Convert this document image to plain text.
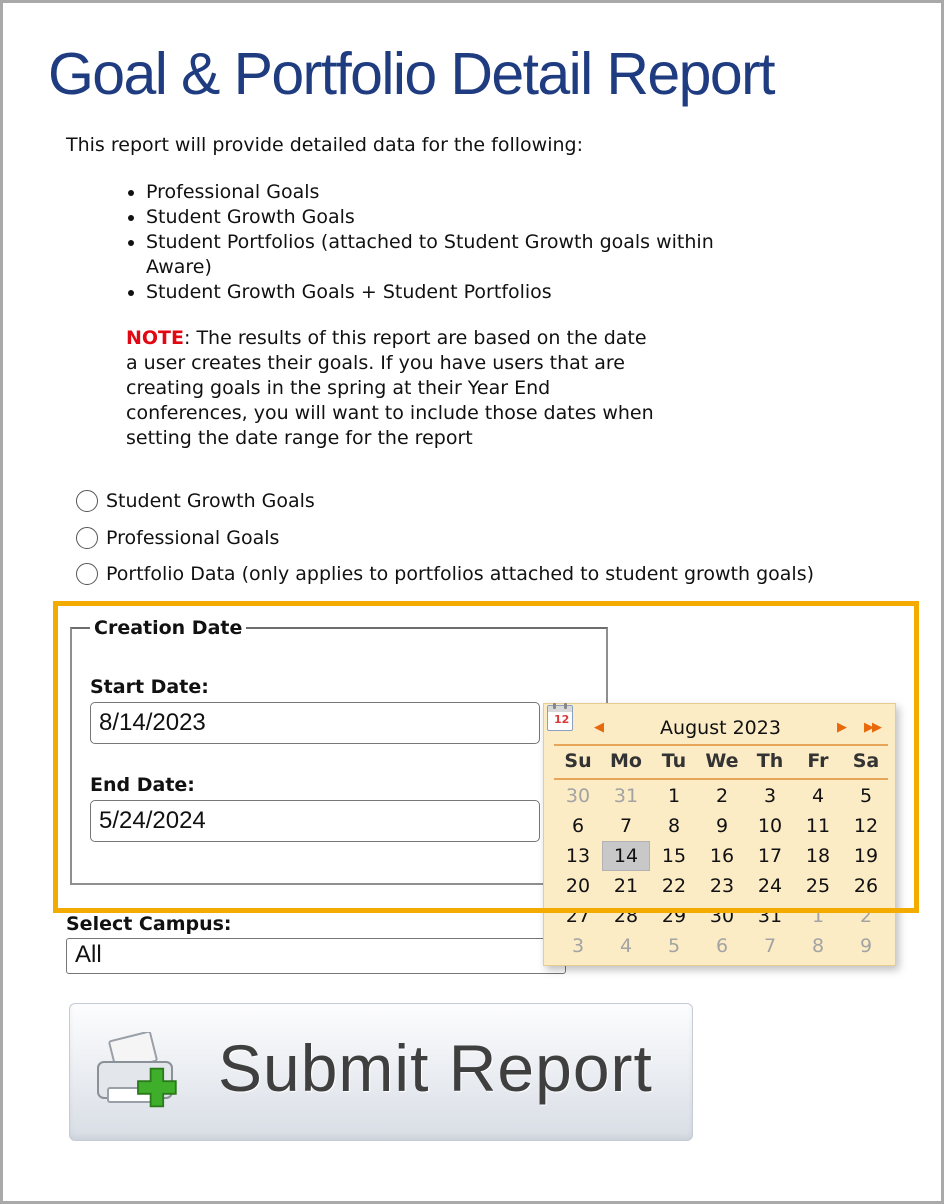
Goal & Portfolio Detail Report
This report will provide detailed data for the following:
• Professional Goals
• Student Growth Goals
• Student Portfolios (attached to Student Growth goals within Aware)
• Student Growth Goals + Student Portfolios
NOTE: The results of this report are based on the date a user creates their goals. If you have users that are creating goals in the spring at their Year End conferences, you will want to include those dates when setting the date range for the report
Student Growth Goals
Professional Goals
Portfolio Data (only applies to portfolios attached to student growth goals)
Creation Date
Start Date:
8/14/2023
End Date:
5/24/2024
Select Campus:
All
August 2023
◀	▶ ▶▶
Su Mo	Tu	We Th	Fr	Sa
30	31	1	2	3	4	5
6	7	8	9	10	11	12
13	14	15	16	17	18	19
20	21	22	23	24	25	26
27	28	29	30	31	1	2
3	4	5	6	7	8	9
12
Submit Report
